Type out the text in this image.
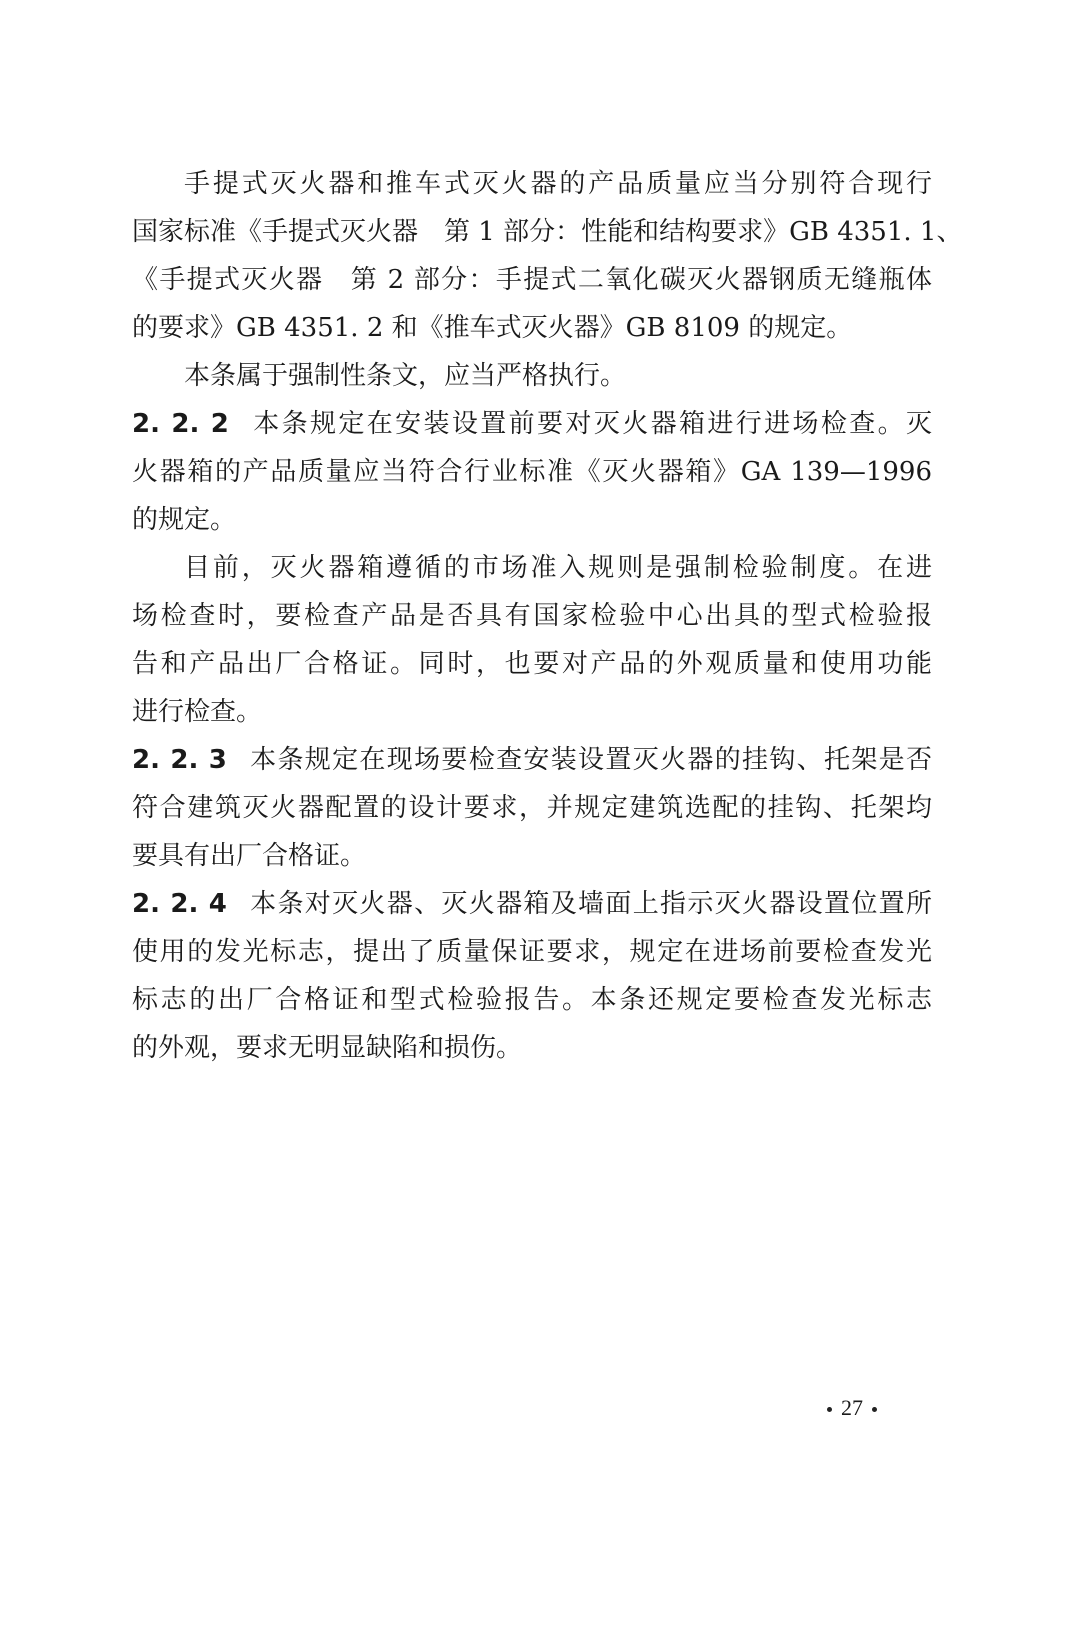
手提式灭火器和推车式灭火器的产品质量应当分别符合现行
国家标准《手提式灭火器　第 1 部分：性能和结构要求》GB 4351. 1、
《手提式灭火器　第 2 部分：手提式二氧化碳灭火器钢质无缝瓶体
的要求》GB 4351. 2 和《推车式灭火器》GB 8109 的规定。
本条属于强制性条文，应当严格执行。
2. 2. 2 本条规定在安装设置前要对灭火器箱进行进场检查。灭
火器箱的产品质量应当符合行业标准《灭火器箱》GA 139—1996
的规定。
目前，灭火器箱遵循的市场准入规则是强制检验制度。在进
场检查时，要检查产品是否具有国家检验中心出具的型式检验报
告和产品出厂合格证。同时，也要对产品的外观质量和使用功能
进行检查。
2. 2. 3 本条规定在现场要检查安装设置灭火器的挂钩、托架是否
符合建筑灭火器配置的设计要求，并规定建筑选配的挂钩、托架均
要具有出厂合格证。
2. 2. 4 本条对灭火器、灭火器箱及墙面上指示灭火器设置位置所
使用的发光标志，提出了质量保证要求，规定在进场前要检查发光
标志的出厂合格证和型式检验报告。本条还规定要检查发光标志
的外观，要求无明显缺陷和损伤。
27
